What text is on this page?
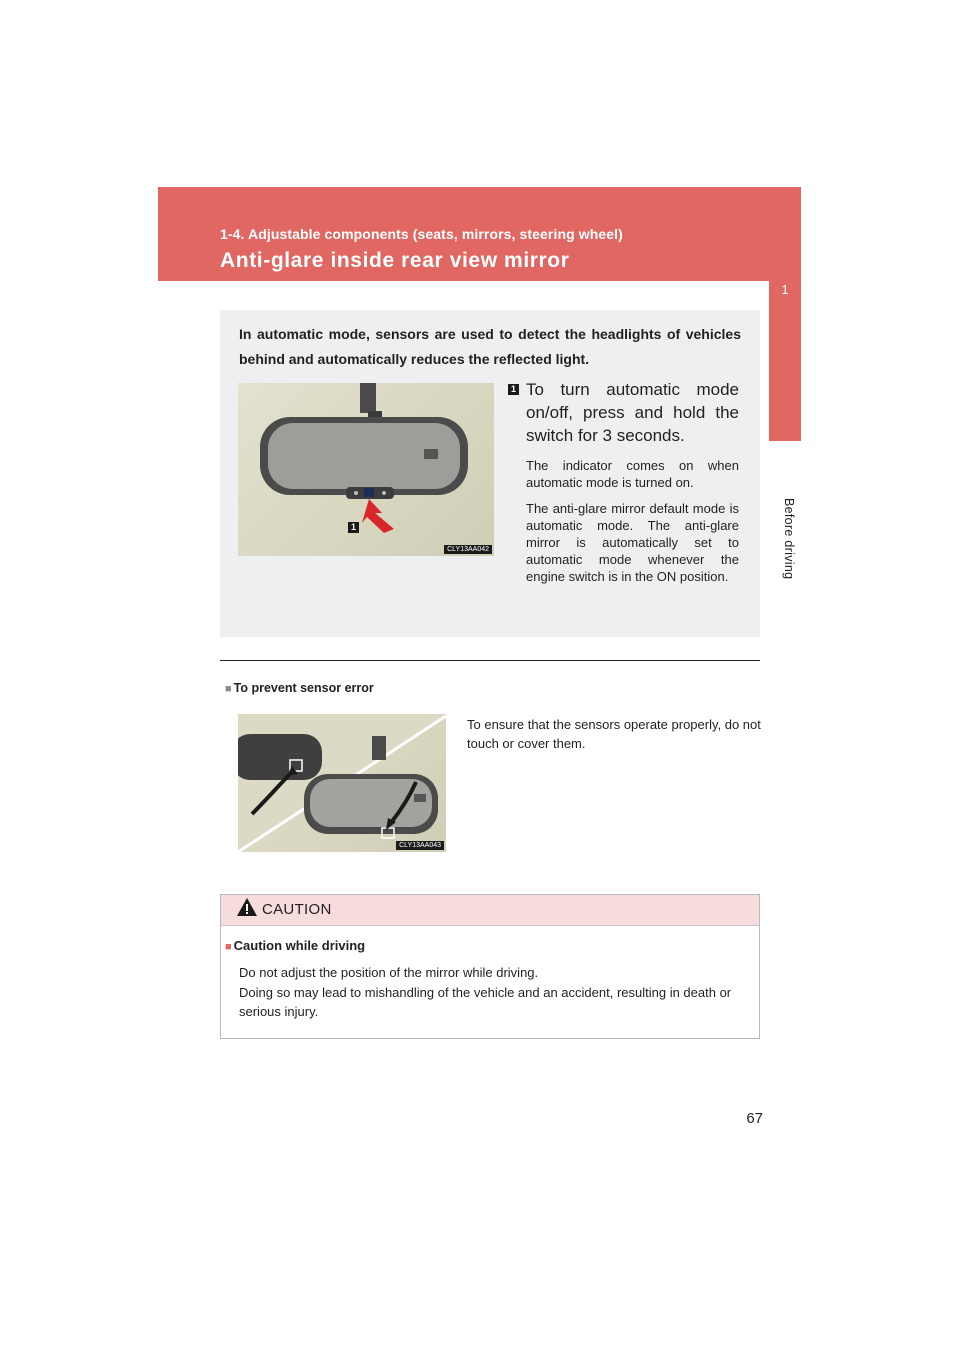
1-4. Adjustable components (seats, mirrors, steering wheel)
Anti-glare inside rear view mirror
1
Before driving
In automatic mode, sensors are used to detect the headlights of vehicles behind and automatically reduces the reflected light.
1
CLY13AA042
1 To turn automatic mode on/off, press and hold the switch for 3 seconds.
The indicator comes on when automatic mode is turned on.
The anti-glare mirror default mode is automatic mode. The anti-glare mirror is automatically set to automatic mode whenever the engine switch is in the ON position.
■ To prevent sensor error
CLY13AA043
To ensure that the sensors operate properly, do not touch or cover them.
CAUTION
■ Caution while driving
Do not adjust the position of the mirror while driving.
Doing so may lead to mishandling of the vehicle and an accident, resulting in death or serious injury.
67
